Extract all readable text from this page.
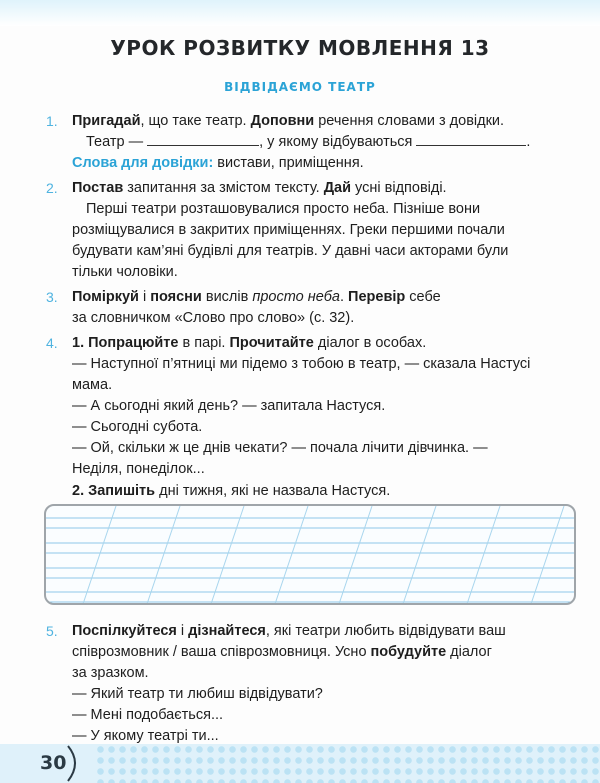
УРОК РОЗВИТКУ МОВЛЕННЯ 13
ВІДВІДАЄМО ТЕАТР
1. Пригадай, що таке театр. Доповни речення словами з довідки.
Театр —	, у якому відбуваються	.
Слова для довідки: вистави, приміщення.
2. Постав запитання за змістом тексту. Дай усні відповіді.
Перші театри розташовувалися просто неба. Пізніше вони
розміщувалися в закритих приміщеннях. Греки першими почали
будувати кам’яні будівлі для театрів. У давні часи акторами були
тільки чоловіки.
3. Поміркуй і поясни вислів просто неба. Перевір себе
за словничком «Слово про слово» (с. 32).
4. 1. Попрацюйте в парі. Прочитайте діалог в особах.
— Наступної п’ятниці ми підемо з тобою в театр, — сказала Настусі
мама.
— А сьогодні який день? — запитала Настуся.
— Сьогодні субота.
— Ой, скільки ж це днів чекати? — почала лічити дівчинка. —
Неділя, понеділок...
2. Запишіть дні тижня, які не назвала Настуся.
5. Поспілкуйтеся і дізнайтеся, які театри любить відвідувати ваш
співрозмовник / ваша співрозмовниця. Усно побудуйте діалог
за зразком.
— Який театр ти любиш відвідувати?
— Мені подобається...
— У якому театрі ти...
30
